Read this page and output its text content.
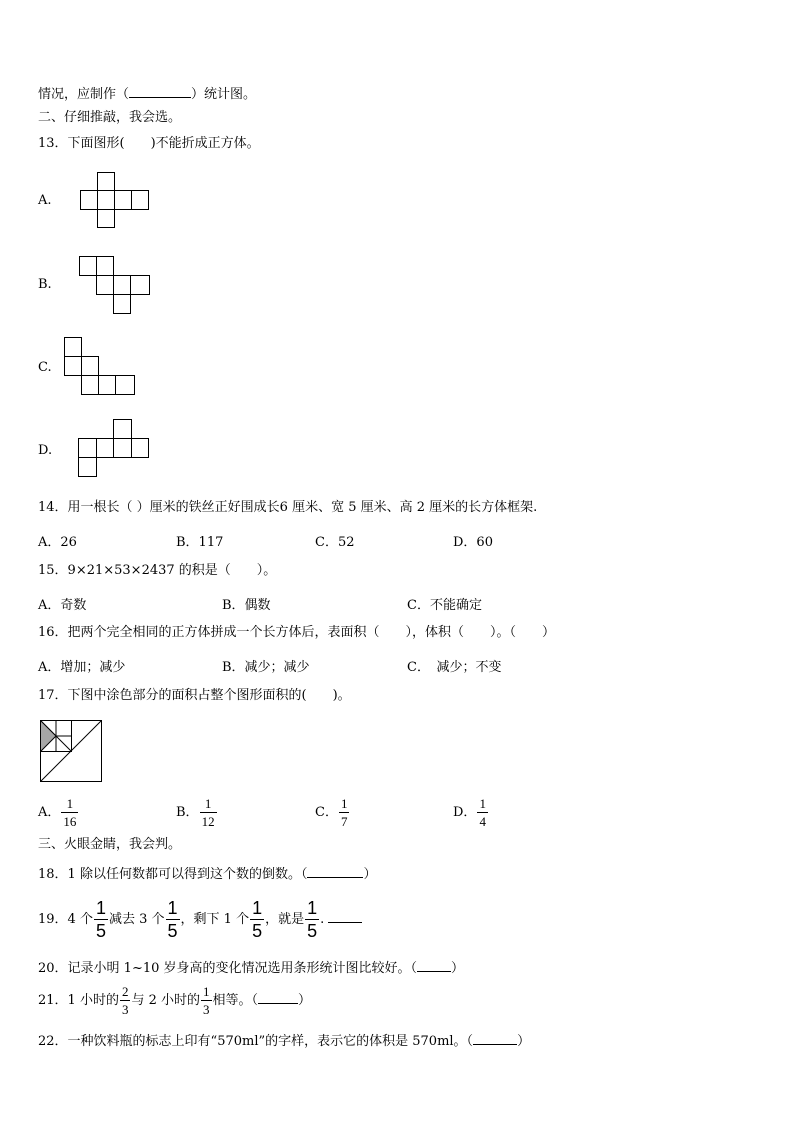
情况，应制作（	）统计图。
二、仔细推敲，我会选。
13．下面图形(　　)不能折成正方体。
A.
B.
C.
D.
14．用一根长（ ）厘米的铁丝正好围成长6 厘米、宽 5 厘米、高 2 厘米的长方体框架.
A．26	B．117	C．52	D．60
15．9×21×53×2437 的积是（　　）。
A．奇数	B．偶数	C．不能确定
16．把两个完全相同的正方体拼成一个长方体后，表面积（　　），体积（　　）。（　　）
A．增加；减少	B．减少；减少	C．　减少；不变
17．下图中涂色部分的面积占整个图形面积的(　　)。
A． $\frac{1}{16}$	B． $\frac{1}{12}$	C． $\frac{1}{7}$	D． $\frac{1}{4}$
三、火眼金睛，我会判。
18．1 除以任何数都可以得到这个数的倒数。（	）
19．4 个 $\frac{1}{5}$ 减去 3 个 $\frac{1}{5}$ ，剩下 1 个 $\frac{1}{5}$ ，就是 $\frac{1}{5}$ .
20．记录小明 1~10 岁身高的变化情况选用条形统计图比较好。（	）
21．1 小时的 $\frac{2}{3}$ 与 2 小时的 $\frac{1}{3}$ 相等。（	）
22．一种饮料瓶的标志上印有“570ml”的字样，表示它的体积是 570ml。（	）
